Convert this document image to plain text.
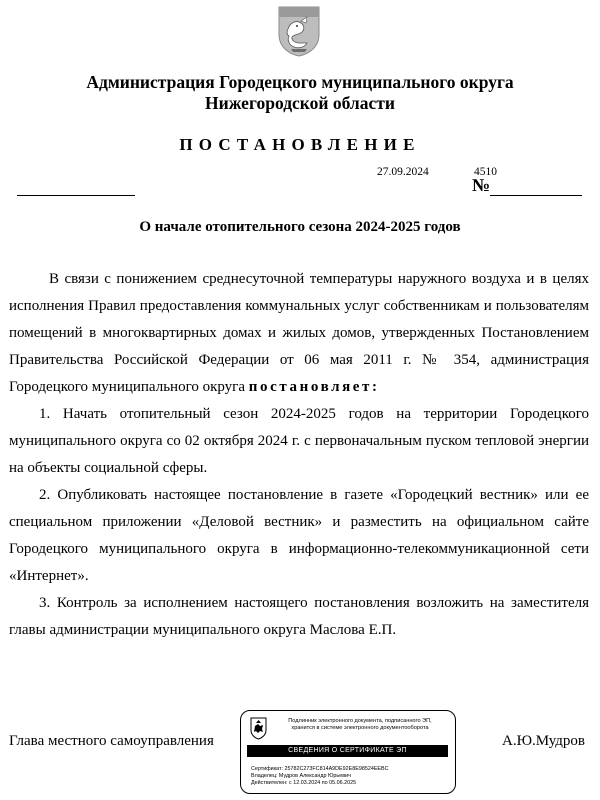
Администрация Городецкого муниципального округа
Нижегородской области
ПОСТАНОВЛЕНИЕ
27.09.2024	4510
№
О начале отопительного сезона 2024-2025 годов

В связи с понижением среднесуточной температуры наружного воздуха и в целях исполнения Правил предоставления коммунальных услуг собственникам и пользователям помещений в многоквартирных домах и жилых домов, утвержденных Постановлением Правительства Российской Федерации от 06 мая 2011 г. № 354, администрация Городецкого муниципального округа постановляет:

1. Начать отопительный сезон 2024-2025 годов на территории Городецкого муниципального округа со 02 октября 2024 г. с первоначальным пуском тепловой энергии на объекты социальной сферы.

2. Опубликовать настоящее постановление в газете «Городецкий вестник» или ее специальном приложении «Деловой вестник» и разместить на официальном сайте Городецкого муниципального округа в информационно-телекоммуникационной сети «Интернет».

3. Контроль за исполнением настоящего постановления возложить на заместителя главы администрации муниципального округа Маслова Е.П.

Глава местного самоуправления	А.Ю.Мудров
Подлинник электронного документа, подписанного ЭП,
хранится в системе электронного документооборота
СВЕДЕНИЯ О СЕРТИФИКАТЕ ЭП
Сертификат: 25782C273FC814A9DE92E8E98524EEBC
Владелец: Мудров Александр Юрьевич
Действителен: с 12.03.2024 по 05.06.2025
